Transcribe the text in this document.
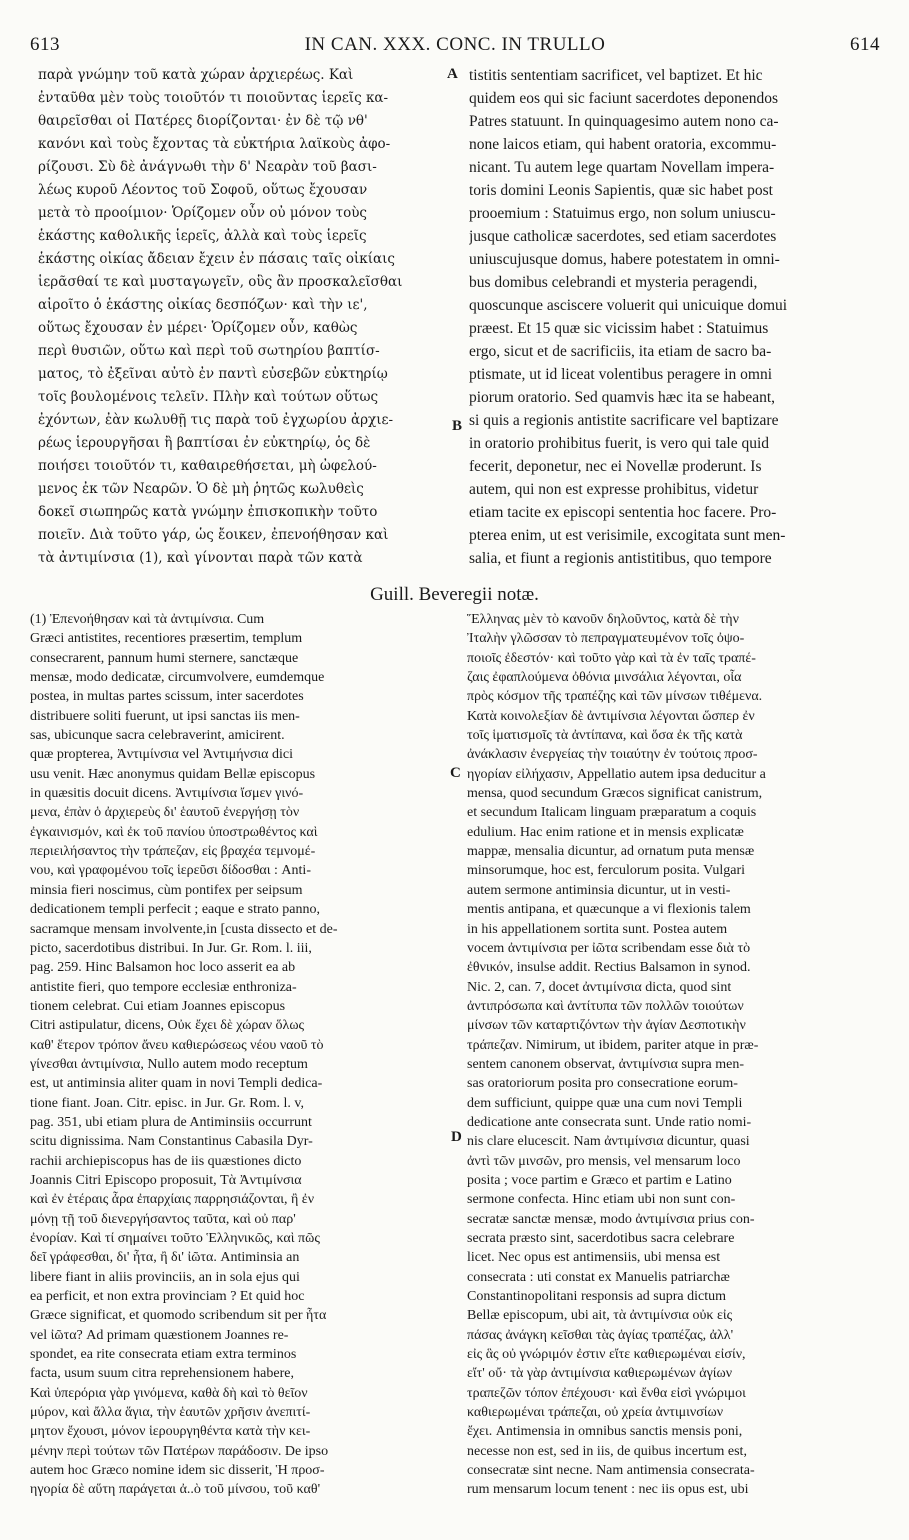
613	IN CAN. XXX. CONC. IN TRULLO	614
παρὰ γνώμην τοῦ κατὰ χώραν ἀρχιερέως. Καὶ
ἐνταῦθα μὲν τοὺς τοιοῦτόν τι ποιοῦντας ἱερεῖς κα-
θαιρεῖσθαι οἱ Πατέρες διορίζονται· ἐν δὲ τῷ νθ'
κανόνι καὶ τοὺς ἔχοντας τὰ εὐκτήρια λαϊκοὺς ἀφο-
ρίζουσι. Σὺ δὲ ἀνάγνωθι τὴν δ' Νεαρὰν τοῦ βασι-
λέως κυροῦ Λέοντος τοῦ Σοφοῦ, οὕτως ἔχουσαν
μετὰ τὸ προοίμιον· Ὁρίζομεν οὖν οὐ μόνον τοὺς
ἑκάστης καθολικῆς ἱερεῖς, ἀλλὰ καὶ τοὺς ἱερεῖς
ἑκάστης οἰκίας ἄδειαν ἔχειν ἐν πάσαις ταῖς οἰκίαις
ἱερᾶσθαί τε καὶ μυσταγωγεῖν, οὓς ἂν προσκαλεῖσθαι
αἱροῖτο ὁ ἑκάστης οἰκίας δεσπόζων· καὶ τὴν ιε',
οὕτως ἔχουσαν ἐν μέρει· Ὁρίζομεν οὖν, καθὼς
περὶ θυσιῶν, οὕτω καὶ περὶ τοῦ σωτηρίου βαπτίσ-
ματος, τὸ ἐξεῖναι αὐτὸ ἐν παντὶ εὐσεβῶν εὐκτηρίῳ
τοῖς βουλομένοις τελεῖν. Πλὴν καὶ τούτων οὕτως
ἐχόντων, ἐὰν κωλυθῇ τις παρὰ τοῦ ἐγχωρίου ἀρχιε-
ρέως ἱερουργῆσαι ἢ βαπτίσαι ἐν εὐκτηρίῳ, ὁς δὲ
ποιήσει τοιοῦτόν τι, καθαιρεθήσεται, μὴ ὠφελού-
μενος ἐκ τῶν Νεαρῶν. Ὁ δὲ μὴ ῥητῶς κωλυθεὶς
δοκεῖ σιωπηρῶς κατὰ γνώμην ἐπισκοπικὴν τοῦτο
ποιεῖν. Διὰ τοῦτο γάρ, ὡς ἔοικεν, ἐπενοήθησαν καὶ
τὰ ἀντιμίνσια (1), καὶ γίνονται παρὰ τῶν κατὰ
tistitis sententiam sacrificet, vel baptizet. Et hic
quidem eos qui sic faciunt sacerdotes deponendos
Patres statuunt. In quinquagesimo autem nono ca-
none laicos etiam, qui habent oratoria, excommu-
nicant. Tu autem lege quartam Novellam impera-
toris domini Leonis Sapientis, quæ sic habet post
prooemium : Statuimus ergo, non solum uniuscu-
jusque catholicæ sacerdotes, sed etiam sacerdotes
uniuscujusque domus, habere potestatem in omni-
bus domibus celebrandi et mysteria peragendi,
quoscunque asciscere voluerit qui unicuique domui
præest. Et 15 quæ sic vicissim habet : Statuimus
ergo, sicut et de sacrificiis, ita etiam de sacro ba-
ptismate, ut id liceat volentibus peragere in omni
piorum oratorio. Sed quamvis hæc ita se habeant,
si quis a regionis antistite sacrificare vel baptizare
in oratorio prohibitus fuerit, is vero qui tale quid
fecerit, deponetur, nec ei Novellæ proderunt. Is
autem, qui non est expresse prohibitus, videtur
etiam tacite ex episcopi sententia hoc facere. Pro-
pterea enim, ut est verisimile, excogitata sunt men-
salia, et fiunt a regionis antistitibus, quo tempore
A
B
C
D
Guill. Beveregii notæ.
(1) Ἐπενοήθησαν καὶ τὰ ἀντιμίνσια. Cum
Græci antistites, recentiores præsertim, templum
consecrarent, pannum humi sternere, sanctæque
mensæ, modo dedicatæ, circumvolvere, eumdemque
postea, in multas partes scissum, inter sacerdotes
distribuere soliti fuerunt, ut ipsi sanctas iis men-
sas, ubicunque sacra celebraverint, amicirent.
quæ propterea, Ἀντιμίνσια vel Ἀντιμήνσια dici
usu venit. Hæc anonymus quidam Bellæ episcopus
in quæsitis docuit dicens. Ἀντιμίνσια ἴσμεν γινό-
μενα, ἐπὰν ὁ ἀρχιερεὺς δι' ἑαυτοῦ ἐνεργήσῃ τὸν
ἐγκαινισμόν, καὶ ἐκ τοῦ πανίου ὑποστρωθέντος καὶ
περιειλήσαντος τὴν τράπεζαν, εἰς βραχέα τεμνομέ-
νου, καὶ γραφομένου τοῖς ἱερεῦσι δίδοσθαι : Anti-
minsia fieri noscimus, cùm pontifex per seipsum
dedicationem templi perfecit ; eaque e strato panno,
sacramque mensam involvente,in [custa dissecto et de-
picto, sacerdotibus distribui. In Jur. Gr. Rom. l. iii,
pag. 259. Hinc Balsamon hoc loco asserit ea ab
antistite fieri, quo tempore ecclesiæ enthroniza-
tionem celebrat. Cui etiam Joannes episcopus
Citri astipulatur, dicens, Οὐκ ἔχει δὲ χώραν ὅλως
καθ' ἕτερον τρόπον ἄνευ καθιερώσεως νέου ναοῦ τὸ
γίνεσθαι ἀντιμίνσια, Nullo autem modo receptum
est, ut antiminsia aliter quam in novi Templi dedica-
tione fiant. Joan. Citr. episc. in Jur. Gr. Rom. l. v,
pag. 351, ubi etiam plura de Antiminsiis occurrunt
scitu dignissima. Nam Constantinus Cabasila Dyr-
rachii archiepiscopus has de iis quæstiones dicto
Joannis Citri Episcopo proposuit, Τὰ Ἀντιμίνσια
καὶ ἐν ἑτέραις ἆρα ἐπαρχίαις παρρησιάζονται, ἢ ἐν
μόνῃ τῇ τοῦ διενεργήσαντος ταῦτα, καὶ οὐ παρ'
ἐνορίαν. Καὶ τί σημαίνει τοῦτο Ἑλληνικῶς, καὶ πῶς
δεῖ γράφεσθαι, δι' ἦτα, ἢ δι' ἰῶτα. Antiminsia an
libere fiant in aliis provinciis, an in sola ejus qui
ea perficit, et non extra provinciam ? Et quid hoc
Græce significat, et quomodo scribendum sit per ἦτα
vel ἰῶτα? Ad primam quæstionem Joannes re-
spondet, ea rite consecrata etiam extra terminos
facta, usum suum citra reprehensionem habere,
Καὶ ὑπερόρια γὰρ γινόμενα, καθὰ δὴ καὶ τὸ θεῖον
μύρον, καὶ ἄλλα ἅγια, τὴν ἑαυτῶν χρῆσιν ἀνεπιτί-
μητον ἔχουσι, μόνον ἱερουργηθέντα κατὰ τὴν κει-
μένην περὶ τούτων τῶν Πατέρων παράδοσιν. De ipso
autem hoc Græco nomine idem sic disserit, Ἡ προσ-
ηγορία δὲ αὕτη παράγεται ἀ..ὸ τοῦ μίνσου, τοῦ καθ'
Ἕλληνας μὲν τὸ κανοῦν δηλοῦντος, κατὰ δὲ τὴν
Ἰταλὴν γλῶσσαν τὸ πεπραγματευμένον τοῖς ὀψο-
ποιοῖς ἐδεστόν· καὶ τοῦτο γὰρ καὶ τὰ ἐν ταῖς τραπέ-
ζαις ἐφαπλούμενα ὀθόνια μινσάλια λέγονται, οἷα
πρὸς κόσμον τῆς τραπέζης καὶ τῶν μίνσων τιθέμενα.
Κατὰ κοινολεξίαν δὲ ἀντιμίνσια λέγονται ὥσπερ ἐν
τοῖς ἱματισμοῖς τὰ ἀντίπανα, καὶ ὅσα ἐκ τῆς κατὰ
ἀνάκλασιν ἐνεργείας τὴν τοιαύτην ἐν τούτοις προσ-
ηγορίαν εἰλήχασιν, Appellatio autem ipsa deducitur a
mensa, quod secundum Græcos significat canistrum,
et secundum Italicam linguam præparatum a coquis
edulium. Hac enim ratione et in mensis explicatæ
mappæ, mensalia dicuntur, ad ornatum puta mensæ
minsorumque, hoc est, ferculorum posita. Vulgari
autem sermone antiminsia dicuntur, ut in vesti-
mentis antipana, et quæcunque a vi flexionis talem
in his appellationem sortita sunt. Postea autem
vocem ἀντιμίνσια per ἰῶτα scribendam esse διὰ τὸ
ἐθνικόν, insulse addit. Rectius Balsamon in synod.
Nic. 2, can. 7, docet ἀντιμίνσια dicta, quod sint
ἀντιπρόσωπα καὶ ἀντίτυπα τῶν πολλῶν τοιούτων
μίνσων τῶν καταρτιζόντων τὴν ἁγίαν Δεσποτικὴν
τράπεζαν. Nimirum, ut ibidem, pariter atque in præ-
sentem canonem observat, ἀντιμίνσια supra men-
sas oratoriorum posita pro consecratione eorum-
dem sufficiunt, quippe quæ una cum novi Templi
dedicatione ante consecrata sunt. Unde ratio nomi-
nis clare elucescit. Nam ἀντιμίνσια dicuntur, quasi
ἀντὶ τῶν μινσῶν, pro mensis, vel mensarum loco
posita ; voce partim e Græco et partim e Latino
sermone confecta. Hinc etiam ubi non sunt con-
secratæ sanctæ mensæ, modo ἀντιμίνσια prius con-
secrata præsto sint, sacerdotibus sacra celebrare
licet. Nec opus est antimensiis, ubi mensa est
consecrata : uti constat ex Manuelis patriarchæ
Constantinopolitani responsis ad supra dictum
Bellæ episcopum, ubi ait, τὰ ἀντιμίνσια οὐκ εἰς
πάσας ἀνάγκη κεῖσθαι τὰς ἁγίας τραπέζας, ἀλλ'
εἰς ἃς οὐ γνώριμόν ἐστιν εἴτε καθιερωμέναι εἰσίν,
εἴτ' οὔ· τὰ γὰρ ἀντιμίνσια καθιερωμένων ἁγίων
τραπεζῶν τόπον ἐπέχουσι· καὶ ἔνθα εἰσὶ γνώριμοι
καθιερωμέναι τράπεζαι, οὐ χρεία ἀντιμινσίων
ἔχει. Antimensia in omnibus sanctis mensis poni,
necesse non est, sed in iis, de quibus incertum est,
consecratæ sint necne. Nam antimensia consecrata-
rum mensarum locum tenent : nec iis opus est, ubi
